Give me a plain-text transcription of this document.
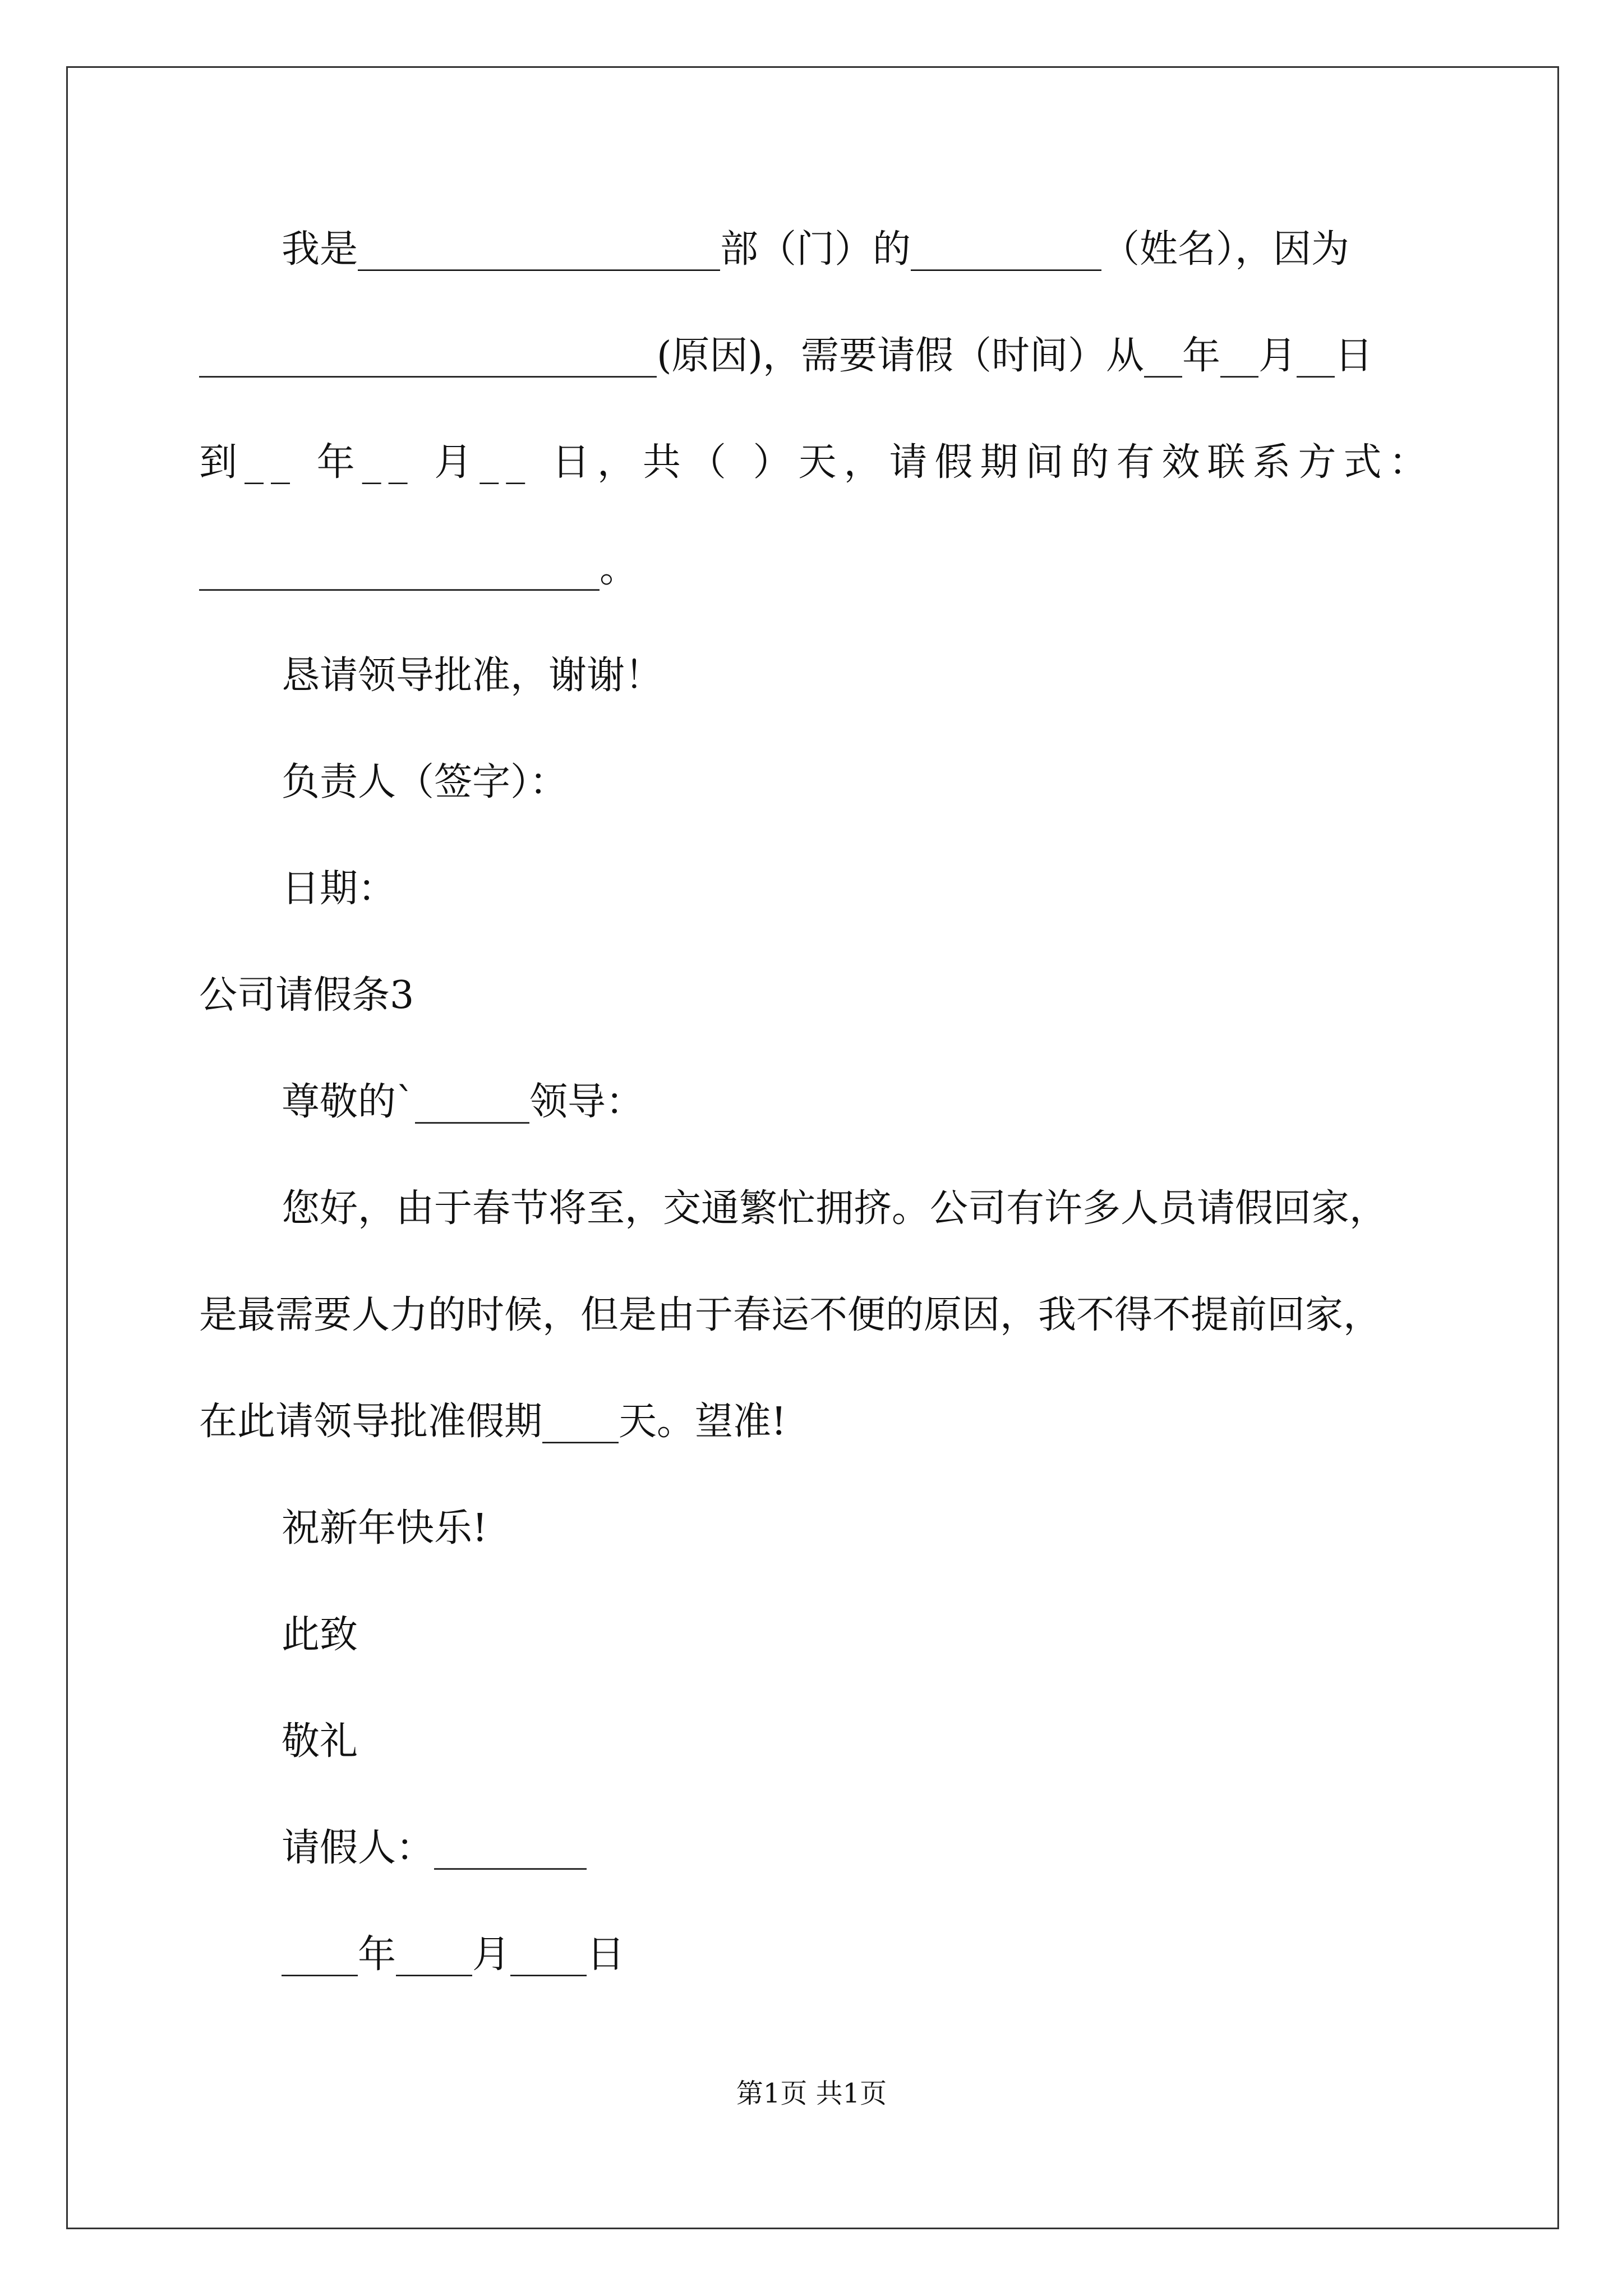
我是___________________部（门）的__________（姓名），因为
________________________(原因)，需要请假（时间）从__年__月__日
到__ 年__ 月__ 日，共（ ）天，请假期间的有效联系方式：
_____________________。
恳请领导批准，谢谢！
负责人（签字）：
日期：
公司请假条3
尊敬的`______领导：
您好，由于春节将至，交通繁忙拥挤。公司有许多人员请假回家，
是最需要人力的时候，但是由于春运不便的原因，我不得不提前回家，
在此请领导批准假期____天。望准!
祝新年快乐!
此致
敬礼
请假人：________
____年____月____日
第1页 共1页
